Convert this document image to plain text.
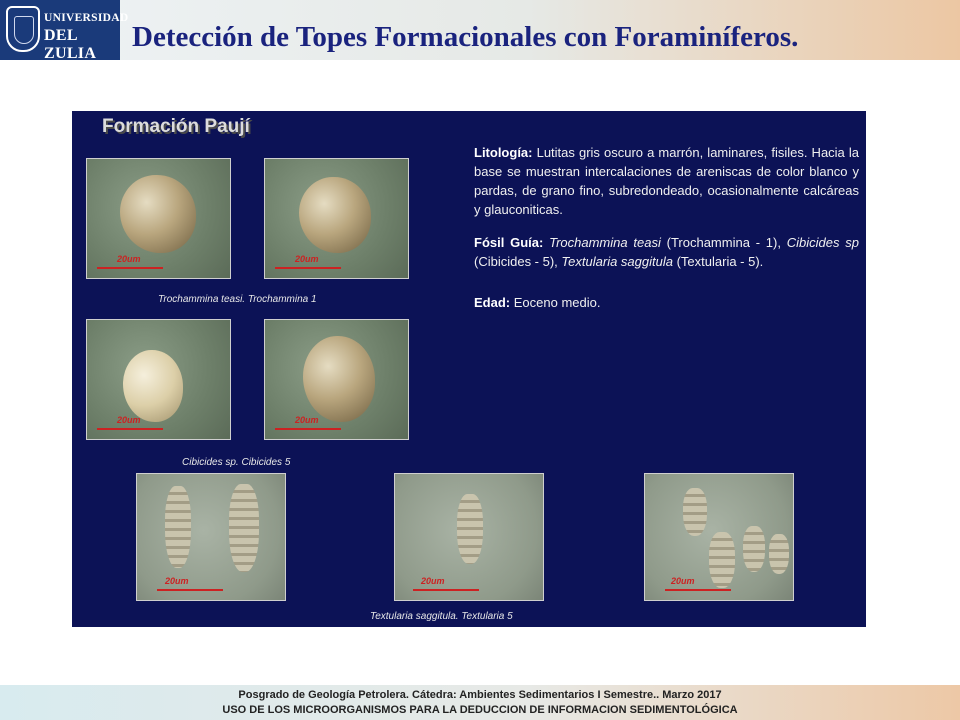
UNIVERSIDAD
DEL ZULIA
Detección de Topes Formacionales con Foraminíferos.
Formación Paují
20um	20um
Trochammina teasi. Trochammina 1
20um	20um
Cibicides sp. Cibicides 5
20um	20um	20um
Textularia saggitula. Textularia 5

Litología: Lutitas gris oscuro a marrón, laminares, fisiles. Hacia la base se muestran intercalaciones de areniscas de color blanco y pardas, de grano fino, subredondeado, ocasionalmente calcáreas y glauconiticas.

Fósil Guía: Trochammina teasi (Trochammina - 1), Cibicides sp (Cibicides - 5), Textularia saggitula (Textularia - 5).

Edad: Eoceno medio.

Posgrado de Geología Petrolera. Cátedra: Ambientes Sedimentarios I Semestre.. Marzo 2017
USO DE LOS MICROORGANISMOS PARA LA DEDUCCION DE INFORMACION SEDIMENTOLÓGICA
